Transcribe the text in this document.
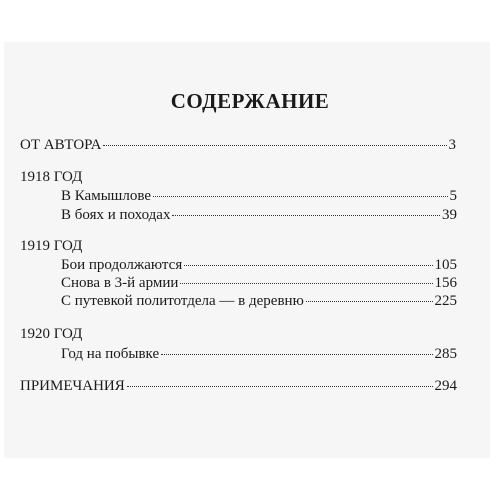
СОДЕРЖАНИЕ
ОТ АВТОРА	3
1918 ГОД
В Камышлове	5
В боях и походах	39
1919 ГОД
Бои продолжаются	105
Снова в 3-й армии	156
С путевкой политотдела — в деревню	225
1920 ГОД
Год на побывке	285
ПРИМЕЧАНИЯ	294
